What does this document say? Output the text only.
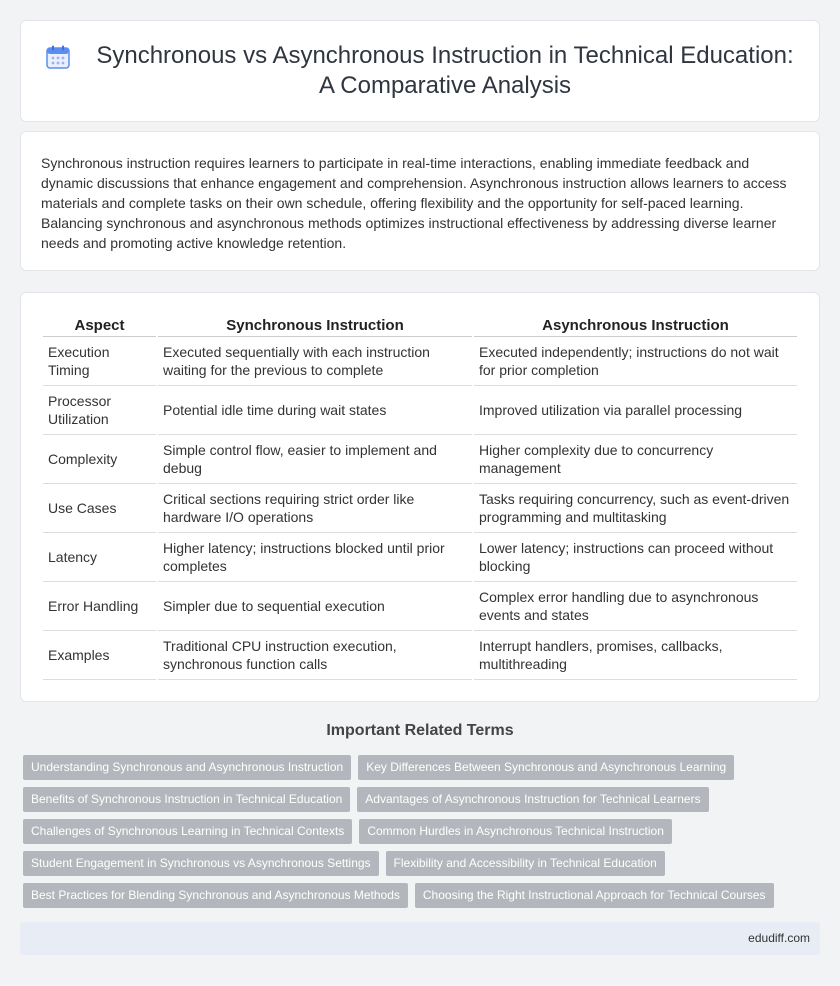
Synchronous vs Asynchronous Instruction in Technical Education: A Comparative Analysis

Synchronous instruction requires learners to participate in real-time interactions, enabling immediate feedback and dynamic discussions that enhance engagement and comprehension. Asynchronous instruction allows learners to access materials and complete tasks on their own schedule, offering flexibility and the opportunity for self-paced learning. Balancing synchronous and asynchronous methods optimizes instructional effectiveness by addressing diverse learner needs and promoting active knowledge retention.

Aspect	Synchronous Instruction	Asynchronous Instruction
Execution Timing	Executed sequentially with each instruction waiting for the previous to complete	Executed independently; instructions do not wait for prior completion
Processor Utilization	Potential idle time during wait states	Improved utilization via parallel processing
Complexity	Simple control flow, easier to implement and debug	Higher complexity due to concurrency management
Use Cases	Critical sections requiring strict order like hardware I/O operations	Tasks requiring concurrency, such as event-driven programming and multitasking
Latency	Higher latency; instructions blocked until prior completes	Lower latency; instructions can proceed without blocking
Error Handling	Simpler due to sequential execution	Complex error handling due to asynchronous events and states
Examples	Traditional CPU instruction execution, synchronous function calls	Interrupt handlers, promises, callbacks, multithreading
Important Related Terms
Understanding Synchronous and Asynchronous Instruction	Key Differences Between Synchronous and Asynchronous Learning
Benefits of Synchronous Instruction in Technical Education	Advantages of Asynchronous Instruction for Technical Learners
Challenges of Synchronous Learning in Technical Contexts	Common Hurdles in Asynchronous Technical Instruction
Student Engagement in Synchronous vs Asynchronous Settings	Flexibility and Accessibility in Technical Education
Best Practices for Blending Synchronous and Asynchronous Methods	Choosing the Right Instructional Approach for Technical Courses
edudiff.com
